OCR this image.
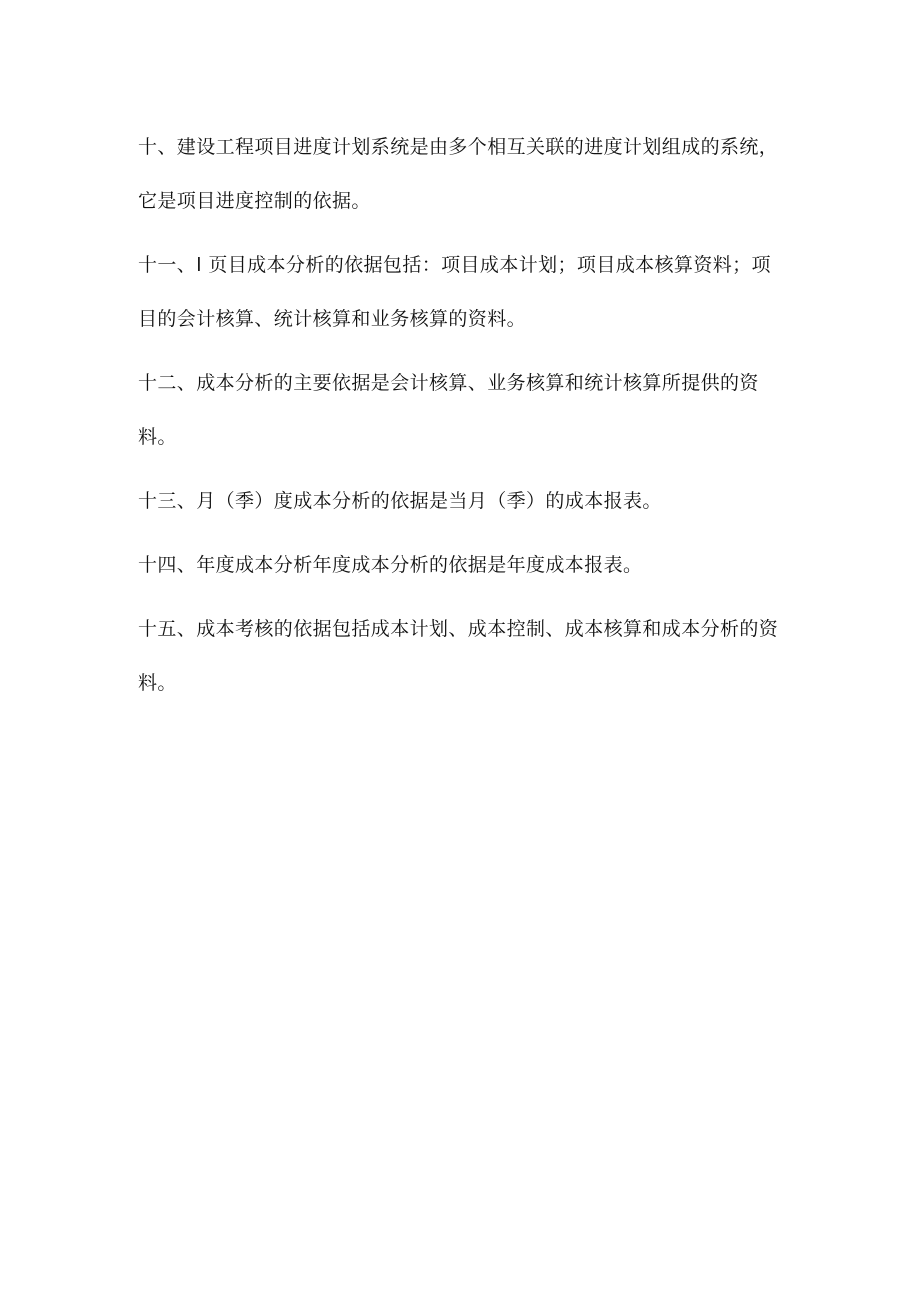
十、建设工程项目进度计划系统是由多个相互关联的进度计划组成的系统，它是项目进度控制的依据。

十一、l 页目成本分析的依据包括：项目成本计划；项目成本核算资料；项目的会计核算、统计核算和业务核算的资料。

十二、成本分析的主要依据是会计核算、业务核算和统计核算所提供的资料。

十三、月（季）度成本分析的依据是当月（季）的成本报表。

十四、年度成本分析年度成本分析的依据是年度成本报表。

十五、成本考核的依据包括成本计划、成本控制、成本核算和成本分析的资料。
